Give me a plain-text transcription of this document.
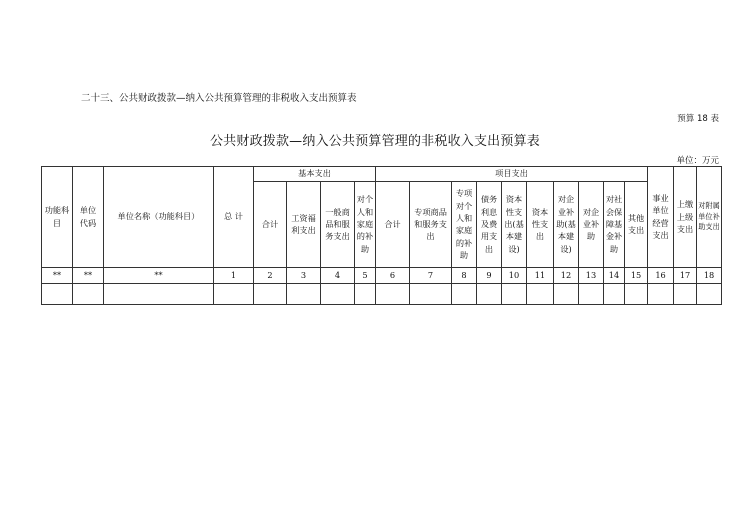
二十三、公共财政拨款—纳入公共预算管理的非税收入支出预算表
预算 18 表
公共财政拨款—纳入公共预算管理的非税收入支出预算表
单位：万元
功能科目	单位代码	单位名称（功能科目）	总 计	基本支出				项目支出										事业单位经营支出	上缴上级支出	对附属单位补助支出
				合计	工资福利支出	一般商品和服务支出	对个人和家庭的补助	合计	专项商品和服务支出	专项对个人和家庭的补助	债务利息及费用支出	资本性支出(基本建设)	资本性支出	对企业补助(基本建设)	对企业补助	对社会保障基金补助	其他支出			
**	**	**	1	2	3	4	5	6	7	8	9	10	11	12	13	14	15	16	17	18
